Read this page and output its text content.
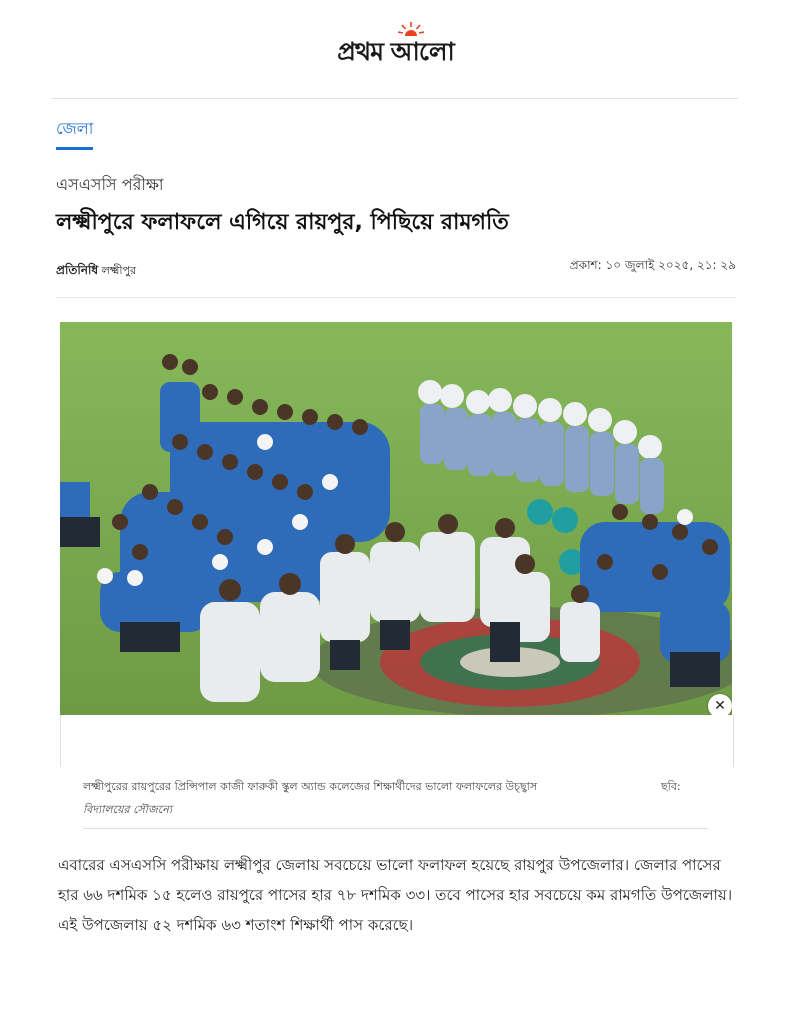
প্রথম আলো
জেলা
এসএসসি পরীক্ষা
লক্ষ্মীপুরে ফলাফলে এগিয়ে রায়পুর, পিছিয়ে রামগতি
প্রতিনিধি লক্ষ্মীপুর	প্রকাশ: ১০ জুলাই ২০২৫, ২১: ২৯
✕
লক্ষ্মীপুরের রায়পুরের প্রিন্সিপাল কাজী ফারুকী স্কুল অ্যান্ড কলেজের শিক্ষার্থীদের ভালো ফলাফলের উচ্ছ্বাস	ছবি:
বিদ্যালয়ের সৌজন্যে

এবারের এসএসসি পরীক্ষায় লক্ষ্মীপুর জেলায় সবচেয়ে ভালো ফলাফল হয়েছে রায়পুর উপজেলার। জেলার পাসের হার ৬৬ দশমিক ১৫ হলেও রায়পুরে পাসের হার ৭৮ দশমিক ৩৩। তবে পাসের হার সবচেয়ে কম রামগতি উপজেলায়। এই উপজেলায় ৫২ দশমিক ৬৩ শতাংশ শিক্ষার্থী পাস করেছে।
